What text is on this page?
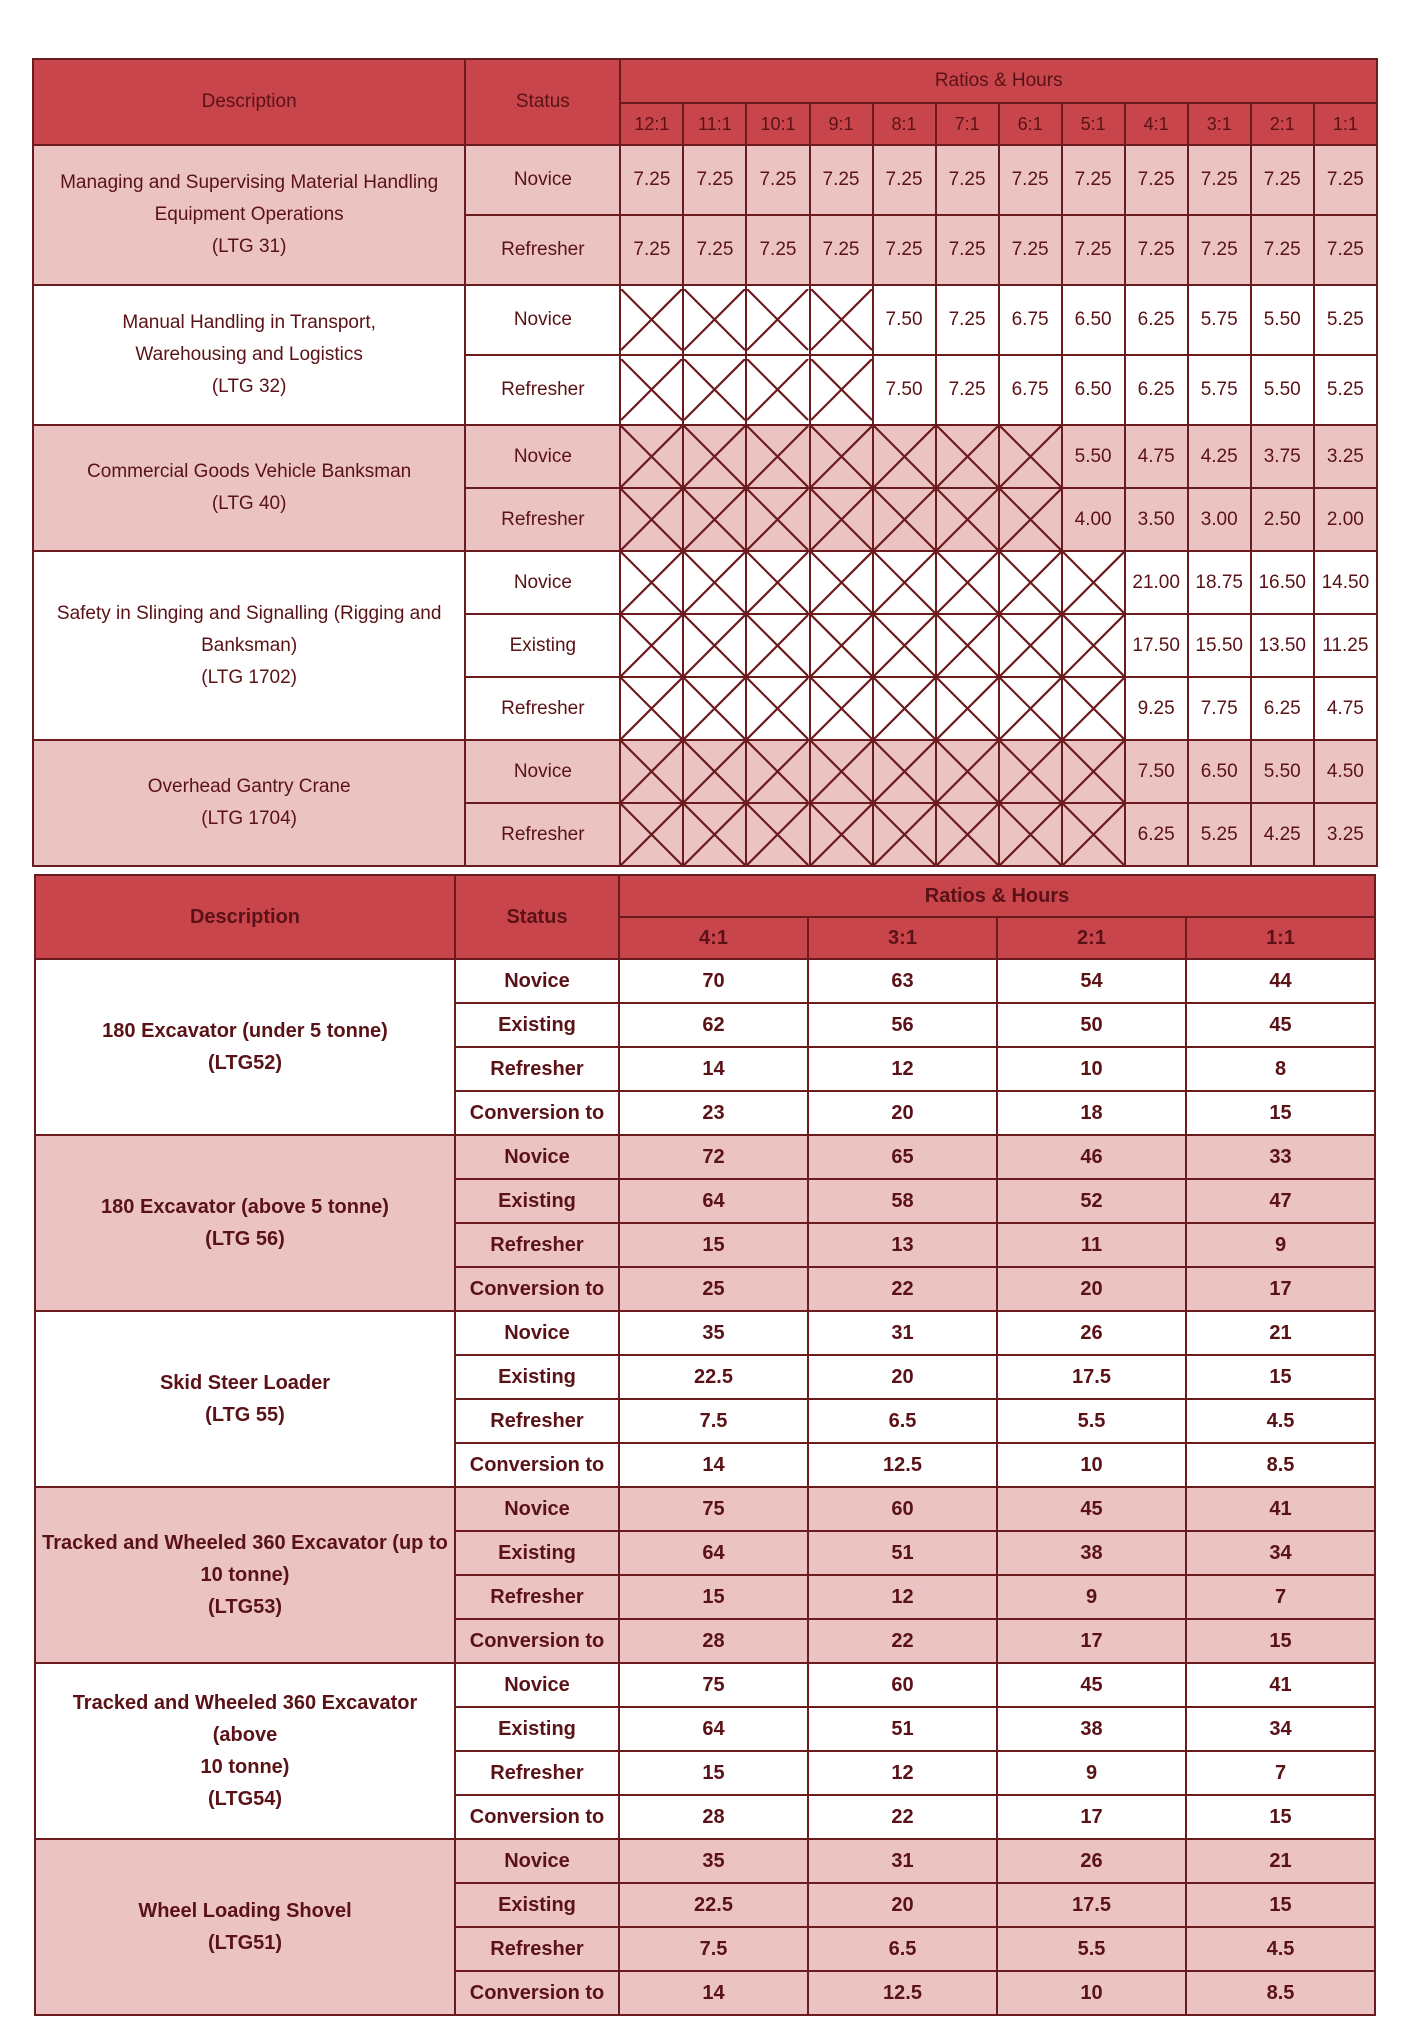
Description	Status	Ratios & Hours											
		12:1	11:1	10:1	9:1	8:1	7:1	6:1	5:1	4:1	3:1	2:1	1:1

Managing and Supervising Material Handling
Equipment Operations
(LTG 31)	Novice	7.25	7.25	7.25	7.25	7.25	7.25	7.25	7.25	7.25	7.25	7.25	7.25
	Refresher	7.25	7.25	7.25	7.25	7.25	7.25	7.25	7.25	7.25	7.25	7.25	7.25

Manual Handling in Transport,
Warehousing and Logistics
(LTG 32)	Novice					7.50	7.25	6.75	6.50	6.25	5.75	5.50	5.25
	Refresher					7.50	7.25	6.75	6.50	6.25	5.75	5.50	5.25

Commercial Goods Vehicle Banksman
(LTG 40)	Novice								5.50	4.75	4.25	3.75	3.25
	Refresher								4.00	3.50	3.00	2.50	2.00

Safety in Slinging and Signalling (Rigging and
Banksman)
(LTG 1702)	Novice									21.00	18.75	16.50	14.50
	Existing									17.50	15.50	13.50	11.25
	Refresher									9.25	7.75	6.25	4.75

Overhead Gantry Crane
(LTG 1704)	Novice									7.50	6.50	5.50	4.50
	Refresher									6.25	5.25	4.25	3.25
Description	Status	Ratios & Hours			
		4:1	3:1	2:1	1:1

180 Excavator (under 5 tonne)
(LTG52)	Novice	70	63	54	44
	Existing	62	56	50	45
	Refresher	14	12	10	8
	Conversion to	23	20	18	15

180 Excavator (above 5 tonne)
(LTG 56)	Novice	72	65	46	33
	Existing	64	58	52	47
	Refresher	15	13	11	9
	Conversion to	25	22	20	17

Skid Steer Loader
(LTG 55)	Novice	35	31	26	21
	Existing	22.5	20	17.5	15
	Refresher	7.5	6.5	5.5	4.5
	Conversion to	14	12.5	10	8.5

Tracked and Wheeled 360 Excavator (up to
10 tonne)
(LTG53)	Novice	75	60	45	41
	Existing	64	51	38	34
	Refresher	15	12	9	7
	Conversion to	28	22	17	15

Tracked and Wheeled 360 Excavator (above
10 tonne)
(LTG54)	Novice	75	60	45	41
	Existing	64	51	38	34
	Refresher	15	12	9	7
	Conversion to	28	22	17	15

Wheel Loading Shovel
(LTG51)	Novice	35	31	26	21
	Existing	22.5	20	17.5	15
	Refresher	7.5	6.5	5.5	4.5
	Conversion to	14	12.5	10	8.5
